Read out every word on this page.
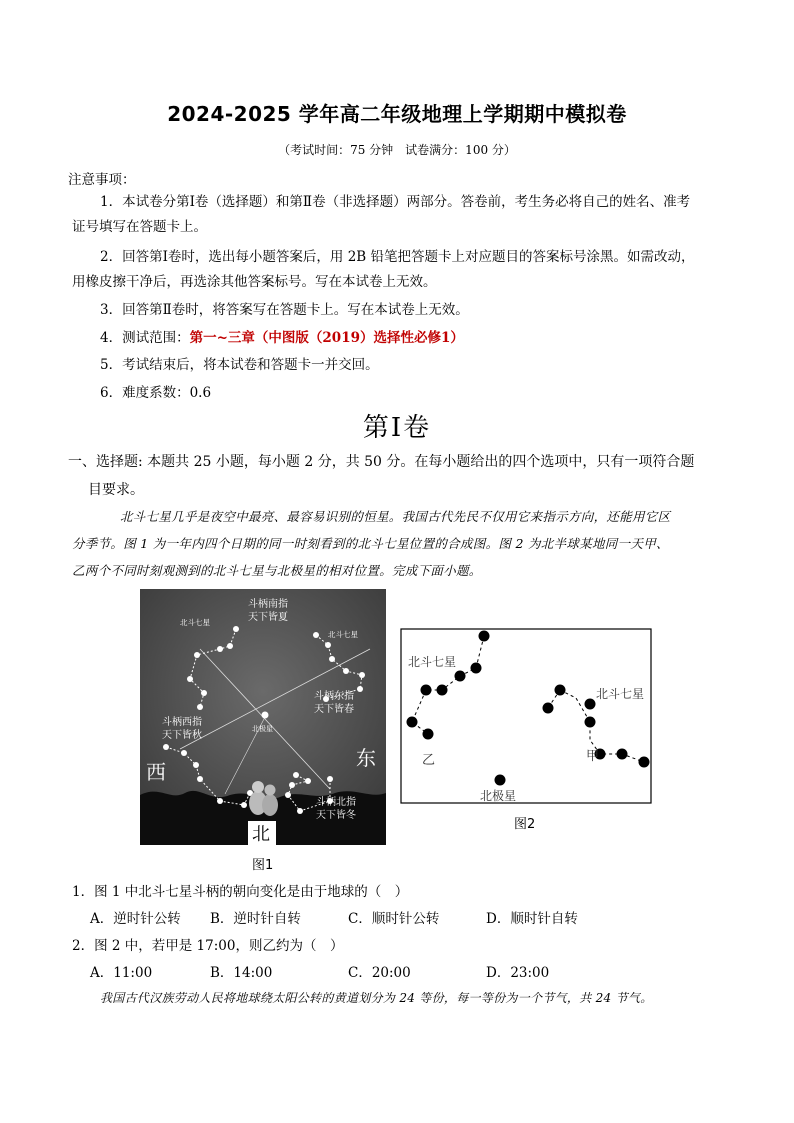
2024-2025 学年高二年级地理上学期期中模拟卷
（考试时间：75 分钟　试卷满分：100 分）
注意事项：
1．本试卷分第Ⅰ卷（选择题）和第Ⅱ卷（非选择题）两部分。答卷前，考生务必将自己的姓名、准考
证号填写在答题卡上。
2．回答第Ⅰ卷时，选出每小题答案后，用 2B 铅笔把答题卡上对应题目的答案标号涂黑。如需改动，
用橡皮擦干净后，再选涂其他答案标号。写在本试卷上无效。
3．回答第Ⅱ卷时，将答案写在答题卡上。写在本试卷上无效。
4．测试范围：第一~三章（中图版（2019）选择性必修1）
5．考试结束后，将本试卷和答题卡一并交回。
6．难度系数：0.6
第Ⅰ卷
一、选择题: 本题共 25 小题，每小题 2 分，共 50 分。在每小题给出的四个选项中，只有一项符合题
目要求。
北斗七星几乎是夜空中最亮、最容易识别的恒星。我国古代先民不仅用它来指示方向，还能用它区
分季节。图 1 为一年内四个日期的同一时刻看到的北斗七星位置的合成图。图 2 为北半球某地同一天甲、
乙两个不同时刻观测到的北斗七星与北极星的相对位置。完成下面小题。
北斗七星
斗柄南指
天下皆夏
北斗七星
斗柄东指
天下皆春
斗柄西指
天下皆秋
斗柄北指
天下皆冬
北极星
西
东
北
图1
北斗七星
北斗七星
乙	甲
北极星
图2
1．图 1 中北斗七星斗柄的朝向变化是由于地球的（　）
A．逆时针公转 B．逆时针自转	C．顺时针公转	D．顺时针自转
2．图 2 中，若甲是 17:00，则乙约为（　）
A．11:00	B．14:00	C．20:00	D．23:00
我国古代汉族劳动人民将地球绕太阳公转的黄道划分为 24 等份，每一等份为一个节气，共 24 节气。
